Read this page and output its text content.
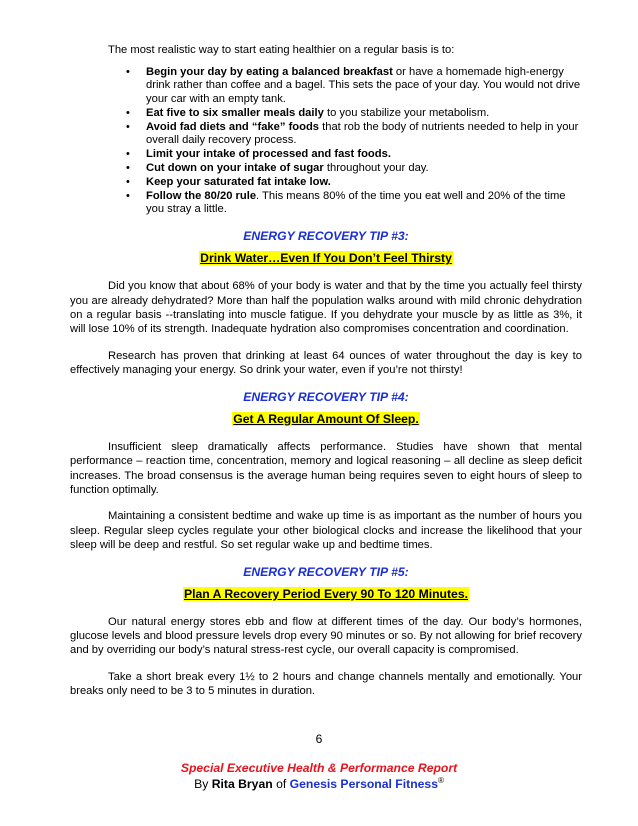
The most realistic way to start eating healthier on a regular basis is to:

• Begin your day by eating a balanced breakfast or have a homemade high-energy drink rather than coffee and a bagel. This sets the pace of your day. You would not drive your car with an empty tank.
• Eat five to six smaller meals daily to you stabilize your metabolism.
• Avoid fad diets and “fake” foods that rob the body of nutrients needed to help in your overall daily recovery process.
• Limit your intake of processed and fast foods.
• Cut down on your intake of sugar throughout your day.
• Keep your saturated fat intake low.
• Follow the 80/20 rule. This means 80% of the time you eat well and 20% of the time you stray a little.
ENERGY RECOVERY TIP #3:
Drink Water…Even If You Don’t Feel Thirsty

Did you know that about 68% of your body is water and that by the time you actually feel thirsty you are already dehydrated? More than half the population walks around with mild chronic dehydration on a regular basis --translating into muscle fatigue. If you dehydrate your muscle by as little as 3%, it will lose 10% of its strength. Inadequate hydration also compromises concentration and coordination.

Research has proven that drinking at least 64 ounces of water throughout the day is key to effectively managing your energy. So drink your water, even if you’re not thirsty!

ENERGY RECOVERY TIP #4:
Get A Regular Amount Of Sleep.

Insufficient sleep dramatically affects performance. Studies have shown that mental performance – reaction time, concentration, memory and logical reasoning – all decline as sleep deficit increases. The broad consensus is the average human being requires seven to eight hours of sleep to function optimally.

Maintaining a consistent bedtime and wake up time is as important as the number of hours you sleep. Regular sleep cycles regulate your other biological clocks and increase the likelihood that your sleep will be deep and restful. So set regular wake up and bedtime times.

ENERGY RECOVERY TIP #5:
Plan A Recovery Period Every 90 To 120 Minutes.

Our natural energy stores ebb and flow at different times of the day. Our body’s hormones, glucose levels and blood pressure levels drop every 90 minutes or so. By not allowing for brief recovery and by overriding our body’s natural stress-rest cycle, our overall capacity is compromised.

Take a short break every 1½ to 2 hours and change channels mentally and emotionally. Your breaks only need to be 3 to 5 minutes in duration.

6
Special Executive Health & Performance Report
By Rita Bryan of Genesis Personal Fitness®
